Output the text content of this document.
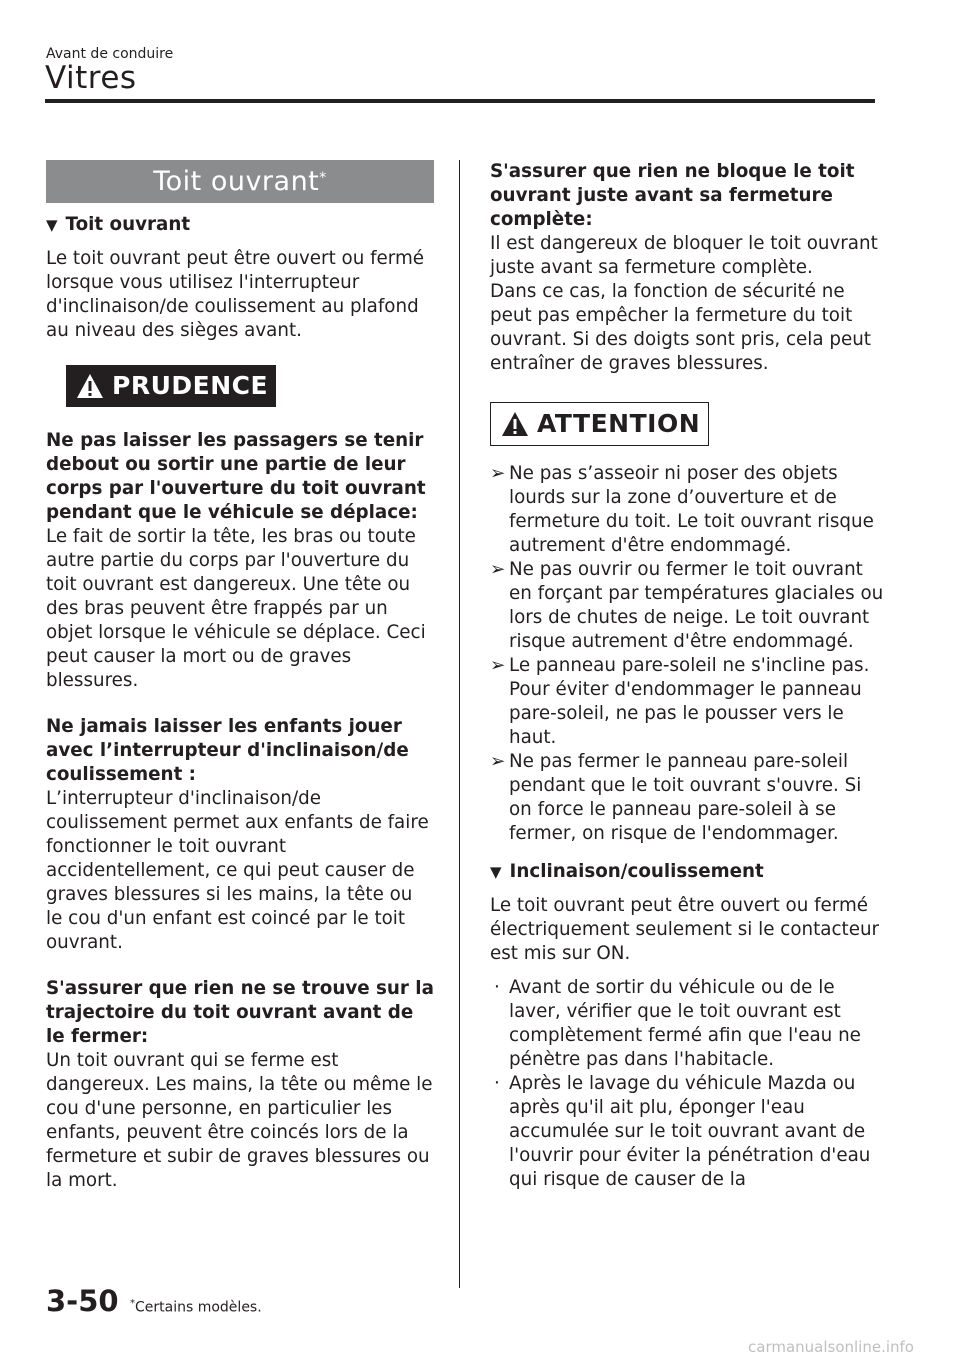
Avant de conduire
Vitres
Toit ouvrant*
▼ Toit ouvrant

Le toit ouvrant peut être ouvert ou fermé lorsque vous utilisez l'interrupteur d'inclinaison/de coulissement au plafond au niveau des sièges avant.

PRUDENCE

Ne pas laisser les passagers se tenir debout ou sortir une partie de leur corps par l'ouverture du toit ouvrant pendant que le véhicule se déplace:

Le fait de sortir la tête, les bras ou toute autre partie du corps par l'ouverture du toit ouvrant est dangereux. Une tête ou des bras peuvent être frappés par un objet lorsque le véhicule se déplace. Ceci peut causer la mort ou de graves blessures.

Ne jamais laisser les enfants jouer avec l’interrupteur d'inclinaison/de coulissement :

L’interrupteur d'inclinaison/de coulissement permet aux enfants de faire fonctionner le toit ouvrant accidentellement, ce qui peut causer de graves blessures si les mains, la tête ou le cou d'un enfant est coincé par le toit ouvrant.

S'assurer que rien ne se trouve sur la trajectoire du toit ouvrant avant de le fermer:

Un toit ouvrant qui se ferme est dangereux. Les mains, la tête ou même le cou d'une personne, en particulier les enfants, peuvent être coincés lors de la fermeture et subir de graves blessures ou la mort.

S'assurer que rien ne bloque le toit ouvrant juste avant sa fermeture complète:

Il est dangereux de bloquer le toit ouvrant juste avant sa fermeture complète.

Dans ce cas, la fonction de sécurité ne peut pas empêcher la fermeture du toit ouvrant. Si des doigts sont pris, cela peut entraîner de graves blessures.

ATTENTION
➢ Ne pas s’asseoir ni poser des objets lourds sur la zone d’ouverture et de fermeture du toit. Le toit ouvrant risque autrement d'être endommagé.
➢ Ne pas ouvrir ou fermer le toit ouvrant en forçant par températures glaciales ou lors de chutes de neige. Le toit ouvrant risque autrement d'être endommagé.
➢ Le panneau pare-soleil ne s'incline pas. Pour éviter d'endommager le panneau pare-soleil, ne pas le pousser vers le haut.
➢ Ne pas fermer le panneau pare-soleil pendant que le toit ouvrant s'ouvre. Si on force le panneau pare-soleil à se fermer, on risque de l'endommager.
▼ Inclinaison/coulissement

Le toit ouvrant peut être ouvert ou fermé électriquement seulement si le contacteur est mis sur ON.

· Avant de sortir du véhicule ou de le laver, vérifier que le toit ouvrant est complètement fermé afin que l'eau ne pénètre pas dans l'habitacle.
· Après le lavage du véhicule Mazda ou après qu'il ait plu, éponger l'eau accumulée sur le toit ouvrant avant de l'ouvrir pour éviter la pénétration d'eau qui risque de causer de la
3-50 *Certains modèles.
carmanualsonline.info
